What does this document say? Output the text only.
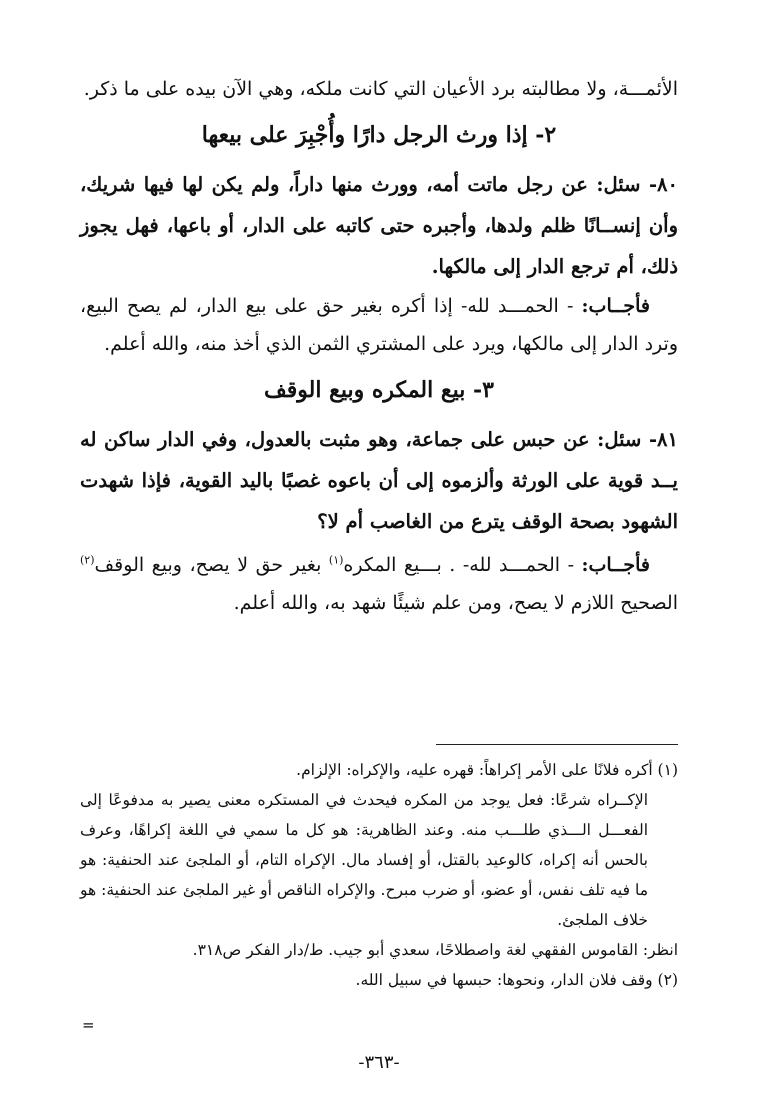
الأئمـــة، ولا مطالبته برد الأعيان التي كانت ملكه، وهي الآن بيده على ما ذكر.

٢- إذا ورث الرجل دارًا وأُجْبِرَ على بيعها

٨٠- سئل: عن رجل ماتت أمه، وورث منها داراً، ولم يكن لها فيها شريك، وأن إنســانًا ظلم ولدها، وأجبره حتى كاتبه على الدار، أو باعها، فهل يجوز ذلك، أم ترجع الدار إلى مالكها.

فأجــاب: - الحمـــد لله- إذا أكره بغير حق على بيع الدار، لم يصح البيع، وترد الدار إلى مالكها، ويرد على المشتري الثمن الذي أخذ منه، والله أعلم.

٣- بيع المكره وبيع الوقف

٨١- سئل: عن حبس على جماعة، وهو مثبت بالعدول، وفي الدار ساكن له يــد قوية على الورثة وألزموه إلى أن باعوه غصبًا باليد القوية، فإذا شهدت الشهود بصحة الوقف يترع من الغاصب أم لا؟

فأجــاب: - الحمـــد لله- . بـــيع المكره$^{(١)}$ بغير حق لا يصح، وبيع الوقف$^{(٢)}$ الصحيح اللازم لا يصح، ومن علم شيئًا شهد به، والله أعلم.

(١) أكره فلانًا على الأمر إكراهاً: قهره عليه، والإكراه: الإلزام.

الإكــراه شرعًا: فعل يوجد من المكره فيحدث في المستكره معنى يصير به مدفوعًا إلى الفعـــل الـــذي طلـــب منه. وعند الظاهرية: هو كل ما سمي في اللغة إكراهًا، وعرف بالحس أنه إكراه، كالوعيد بالقتل، أو إفساد مال. الإكراه التام، أو الملجئ عند الحنفية: هو ما فيه تلف نفس، أو عضو، أو ضرب مبرح. والإكراه الناقص أو غير الملجئ عند الحنفية: هو خلاف الملجئ.

انظر: القاموس الفقهي لغة واصطلاحًا، سعدي أبو جيب. ط/دار الفكر ص٣١٨.

(٢) وقف فلان الدار، ونحوها: حبسها في سبيل الله.

=
-٣٦٣-
